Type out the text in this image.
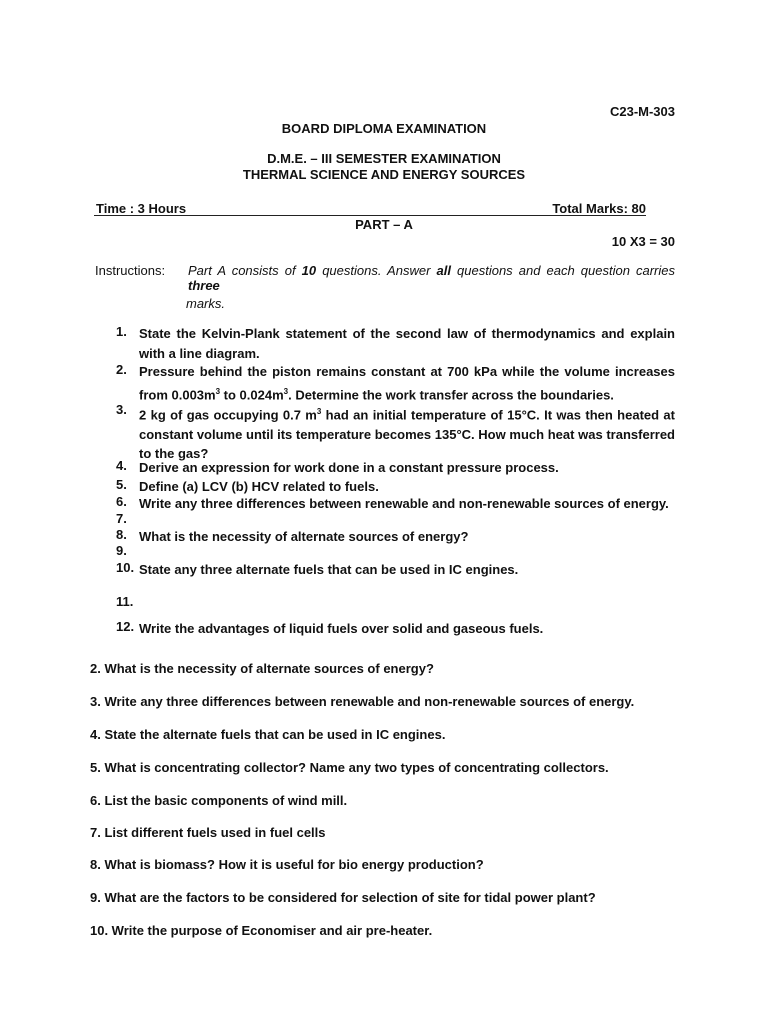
C23-M-303
BOARD DIPLOMA EXAMINATION
D.M.E. – III SEMESTER EXAMINATION
THERMAL SCIENCE AND ENERGY SOURCES
Time : 3 Hours	Total Marks: 80
PART – A
10 X3 = 30
Instructions: Part A consists of 10 questions. Answer all questions and each question carries three
marks.
1. State the Kelvin-Plank statement of the second law of thermodynamics and explain with a line diagram.
2. Pressure behind the piston remains constant at 700 kPa while the volume increases from $0.003m^3$ to $0.024m^3$. Determine the work transfer across the boundaries.
3. 2 kg of gas occupying 0.7 $m^3$ had an initial temperature of 15°C. It was then heated at constant volume until its temperature becomes 135°C. How much heat was transferred to the gas?
4. Derive an expression for work done in a constant pressure process.
5. Define (a) LCV (b) HCV related to fuels.
6. Write any three differences between renewable and non-renewable sources of energy.
7.
8. What is the necessity of alternate sources of energy?
9.
10. State any three alternate fuels that can be used in IC engines.
11.
12. Write the advantages of liquid fuels over solid and gaseous fuels.
2. What is the necessity of alternate sources of energy?
3. Write any three differences between renewable and non-renewable sources of energy.
4. State the alternate fuels that can be used in IC engines.
5. What is concentrating collector? Name any two types of concentrating collectors.
6. List the basic components of wind mill.
7. List different fuels used in fuel cells
8. What is biomass? How it is useful for bio energy production?
9. What are the factors to be considered for selection of site for tidal power plant?
10. Write the purpose of Economiser and air pre-heater.
